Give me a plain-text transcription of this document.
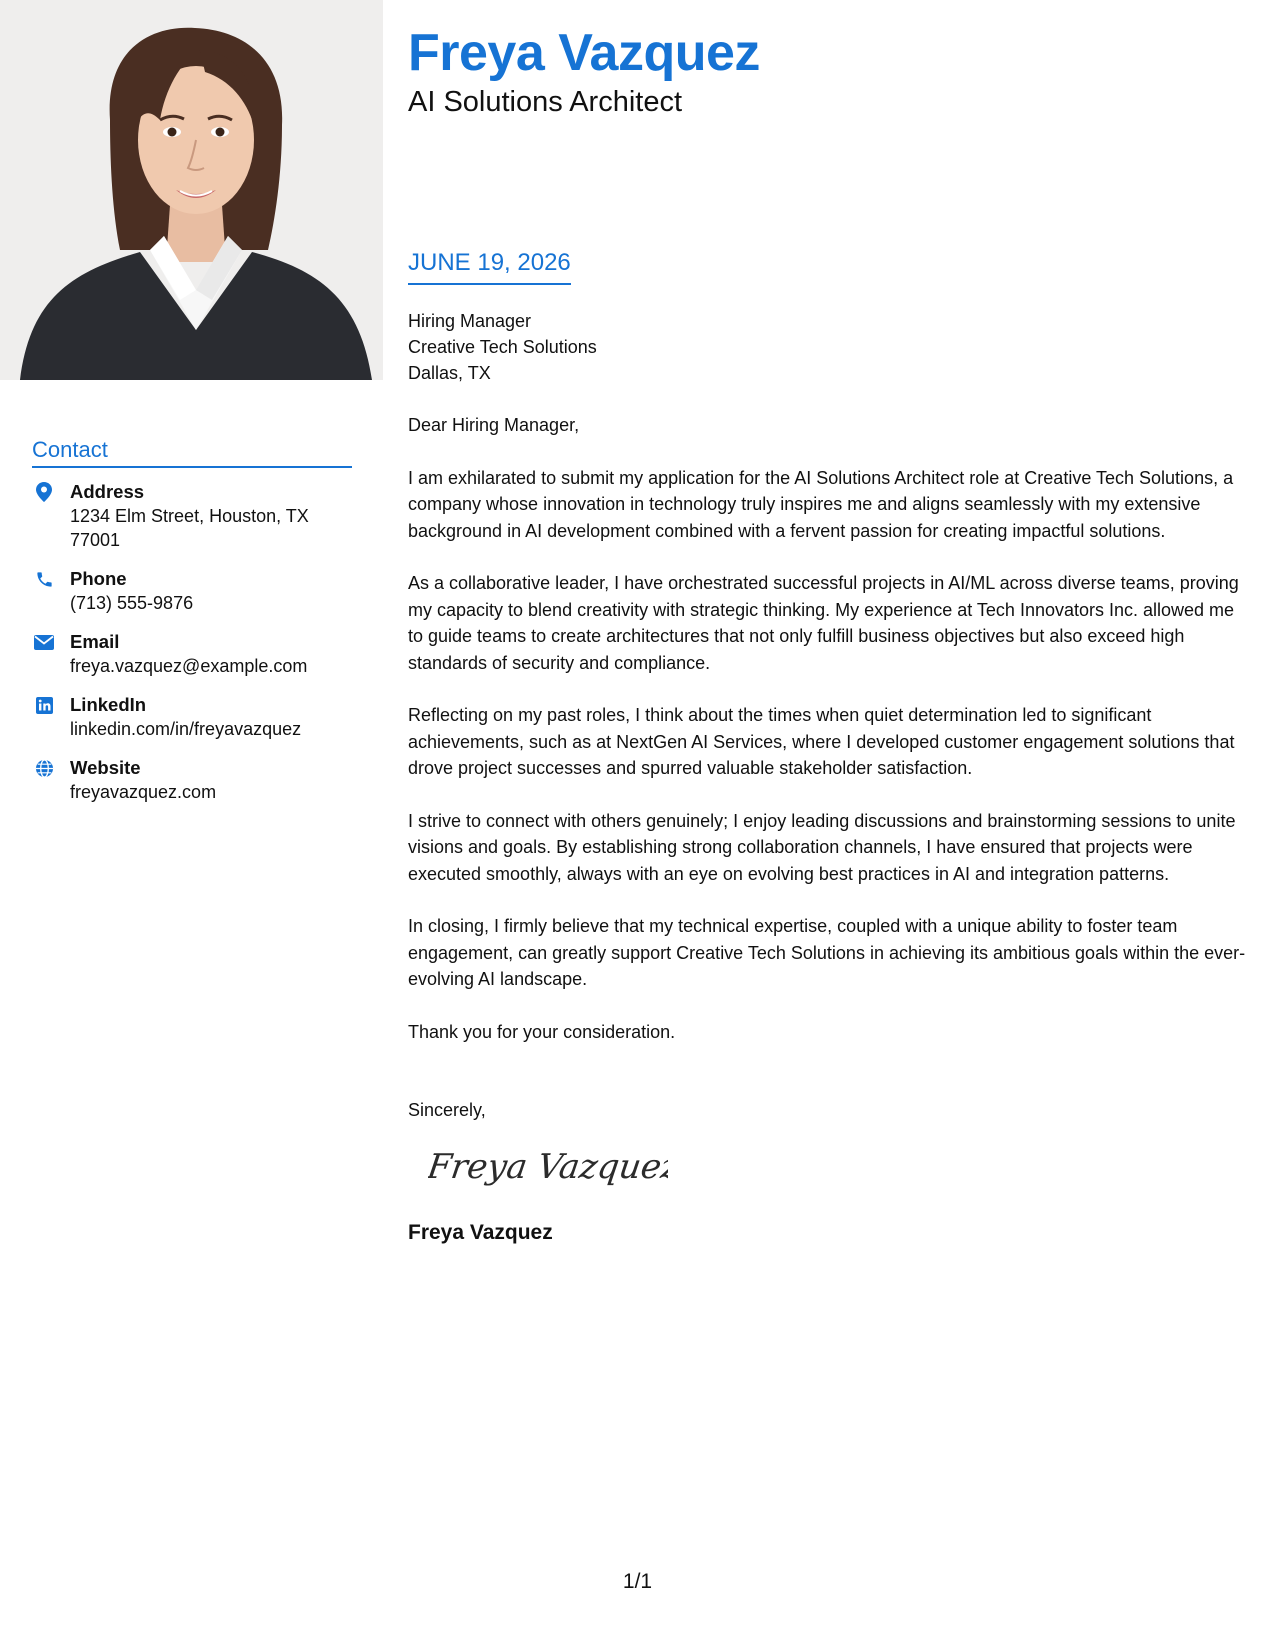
Contact
Address
1234 Elm Street, Houston, TX 77001
Phone
(713) 555-9876
Email
freya.vazquez@example.com
LinkedIn
linkedin.com/in/freyavazquez
Website
freyavazquez.com
Freya Vazquez
AI Solutions Architect
JUNE 19, 2026
Hiring Manager
Creative Tech Solutions
Dallas, TX

Dear Hiring Manager,

I am exhilarated to submit my application for the AI Solutions Architect role at Creative Tech Solutions, a company whose innovation in technology truly inspires me and aligns seamlessly with my extensive background in AI development combined with a fervent passion for creating impactful solutions.

As a collaborative leader, I have orchestrated successful projects in AI/ML across diverse teams, proving my capacity to blend creativity with strategic thinking. My experience at Tech Innovators Inc. allowed me to guide teams to create architectures that not only fulfill business objectives but also exceed high standards of security and compliance.

Reflecting on my past roles, I think about the times when quiet determination led to significant achievements, such as at NextGen AI Services, where I developed customer engagement solutions that drove project successes and spurred valuable stakeholder satisfaction.

I strive to connect with others genuinely; I enjoy leading discussions and brainstorming sessions to unite visions and goals. By establishing strong collaboration channels, I have ensured that projects were executed smoothly, always with an eye on evolving best practices in AI and integration patterns.

In closing, I firmly believe that my technical expertise, coupled with a unique ability to foster team engagement, can greatly support Creative Tech Solutions in achieving its ambitious goals within the ever-evolving AI landscape.

Thank you for your consideration.

Sincerely,

Freya Vazquez
Freya Vazquez
1/1
